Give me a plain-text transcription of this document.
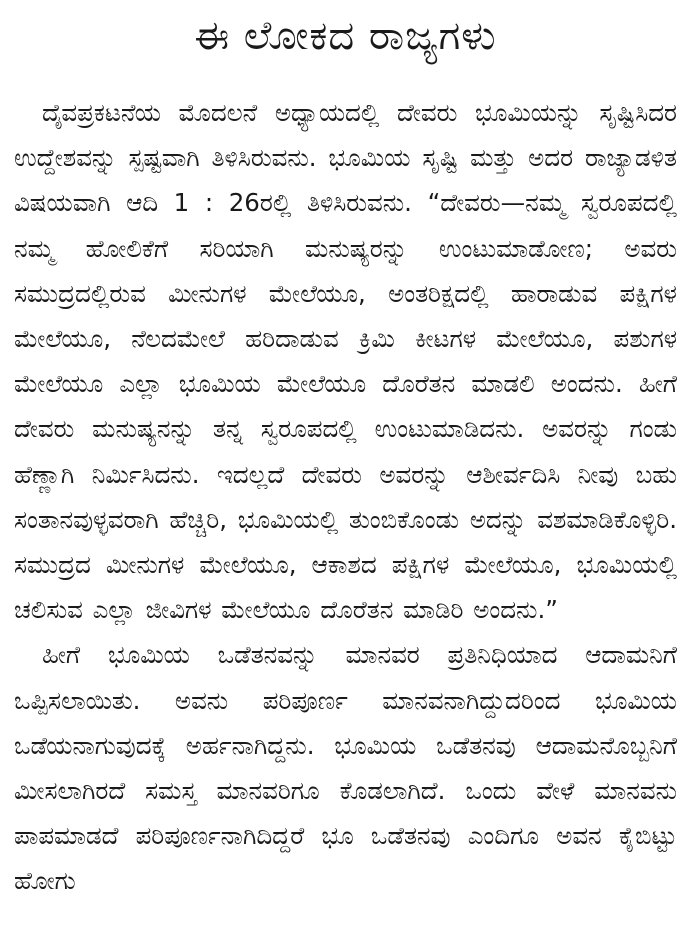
ಈ ಲೋಕದ ರಾಜ್ಯಗಳು

ದೈವಪ್ರಕಟನೆಯ ಮೊದಲನೆ ಅಧ್ಯಾಯದಲ್ಲಿ ದೇವರು ಭೂಮಿಯನ್ನು ಸೃಷ್ಟಿಸಿದರ ಉದ್ದೇಶವನ್ನು ಸ್ಪಷ್ಟವಾಗಿ ತಿಳಿಸಿರುವನು. ಭೂಮಿಯ ಸೃಷ್ಟಿ ಮತ್ತು ಅದರ ರಾಜ್ಯಾಡಳಿತ ವಿಷಯವಾಗಿ ಆದಿ 1 : 26ರಲ್ಲಿ ತಿಳಿಸಿರುವನು. “ದೇವರು—ನಮ್ಮ ಸ್ವರೂಪದಲ್ಲಿ ನಮ್ಮ ಹೋಲಿಕೆಗೆ ಸರಿಯಾಗಿ ಮನುಷ್ಯರನ್ನು ಉಂಟುಮಾಡೋಣ; ಅವರು ಸಮುದ್ರದಲ್ಲಿರುವ ಮೀನುಗಳ ಮೇಲೆಯೂ, ಅಂತರಿಕ್ಷದಲ್ಲಿ ಹಾರಾಡುವ ಪಕ್ಷಿಗಳ ಮೇಲೆಯೂ, ನೆಲದಮೇಲೆ ಹರಿದಾಡುವ ಕ್ರಿಮಿ ಕೀಟಗಳ ಮೇಲೆಯೂ, ಪಶುಗಳ ಮೇಲೆಯೂ ಎಲ್ಲಾ ಭೂಮಿಯ ಮೇಲೆಯೂ ದೊರೆತನ ಮಾಡಲಿ ಅಂದನು. ಹೀಗೆ ದೇವರು ಮನುಷ್ಯನನ್ನು ತನ್ನ ಸ್ವರೂಪದಲ್ಲಿ ಉಂಟುಮಾಡಿದನು. ಅವರನ್ನು ಗಂಡು ಹೆಣ್ಣಾಗಿ ನಿರ್ಮಿಸಿದನು. ಇದಲ್ಲದೆ ದೇವರು ಅವರನ್ನು ಆಶೀರ್ವದಿಸಿ ನೀವು ಬಹು ಸಂತಾನವುಳ್ಳವರಾಗಿ ಹೆಚ್ಚಿರಿ, ಭೂಮಿಯಲ್ಲಿ ತುಂಬಿಕೊಂಡು ಅದನ್ನು ವಶಮಾಡಿಕೊಳ್ಳಿರಿ. ಸಮುದ್ರದ ಮೀನುಗಳ ಮೇಲೆಯೂ, ಆಕಾಶದ ಪಕ್ಷಿಗಳ ಮೇಲೆಯೂ, ಭೂಮಿಯಲ್ಲಿ ಚಲಿಸುವ ಎಲ್ಲಾ ಜೀವಿಗಳ ಮೇಲೆಯೂ ದೊರೆತನ ಮಾಡಿರಿ ಅಂದನು.”

ಹೀಗೆ ಭೂಮಿಯ ಒಡೆತನವನ್ನು ಮಾನವರ ಪ್ರತಿನಿಧಿಯಾದ ಆದಾಮನಿಗೆ ಒಪ್ಪಿಸಲಾಯಿತು. ಅವನು ಪರಿಪೂರ್ಣ ಮಾನವನಾಗಿದ್ದುದರಿಂದ ಭೂಮಿಯ ಒಡೆಯನಾಗುವುದಕ್ಕೆ ಅರ್ಹನಾಗಿದ್ದನು. ಭೂಮಿಯ ಒಡೆತನವು ಆದಾಮನೊಬ್ಬನಿಗೆ ಮೀಸಲಾಗಿರದೆ ಸಮಸ್ತ ಮಾನವರಿಗೂ ಕೊಡಲಾಗಿದೆ. ಒಂದು ವೇಳೆ ಮಾನವನು ಪಾಪಮಾಡದೆ ಪರಿಪೂರ್ಣನಾಗಿದಿದ್ದರೆ ಭೂ ಒಡೆತನವು ಎಂದಿಗೂ ಅವನ ಕೈಬಿಟ್ಟು ಹೋಗು
